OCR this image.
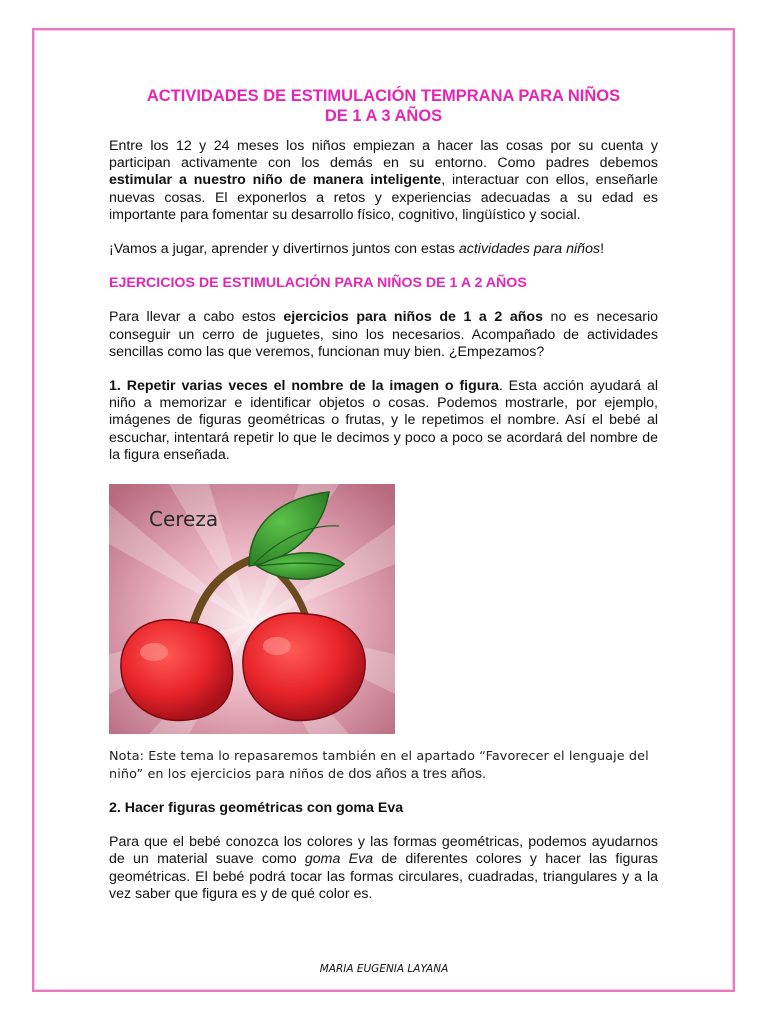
ACTIVIDADES DE ESTIMULACIÓN TEMPRANA PARA NIÑOS
DE 1 A 3 AÑOS

Entre los 12 y 24 meses los niños empiezan a hacer las cosas por su cuenta y participan activamente con los demás en su entorno. Como padres debemos estimular a nuestro niño de manera inteligente, interactuar con ellos, enseñarle nuevas cosas. El exponerlos a retos y experiencias adecuadas a su edad es importante para fomentar su desarrollo físico, cognitivo, lingüístico y social.

¡Vamos a jugar, aprender y divertirnos juntos con estas actividades para niños!

EJERCICIOS DE ESTIMULACIÓN PARA NIÑOS DE 1 A 2 AÑOS

Para llevar a cabo estos ejercicios para niños de 1 a 2 años no es necesario conseguir un cerro de juguetes, sino los necesarios. Acompañado de actividades sencillas como las que veremos, funcionan muy bien. ¿Empezamos?

1. Repetir varias veces el nombre de la imagen o figura. Esta acción ayudará al niño a memorizar e identificar objetos o cosas. Podemos mostrarle, por ejemplo, imágenes de figuras geométricas o frutas, y le repetimos el nombre. Así el bebé al escuchar, intentará repetir lo que le decimos y poco a poco se acordará del nombre de la figura enseñada.

Cereza

Nota: Este tema lo repasaremos también en el apartado “Favorecer el lenguaje del niño” en los ejercicios para niños de dos años a tres años.

2. Hacer figuras geométricas con goma Eva

Para que el bebé conozca los colores y las formas geométricas, podemos ayudarnos de un material suave como goma Eva de diferentes colores y hacer las figuras geométricas. El bebé podrá tocar las formas circulares, cuadradas, triangulares y a la vez saber que figura es y de qué color es.

MARIA EUGENIA LAYANA
